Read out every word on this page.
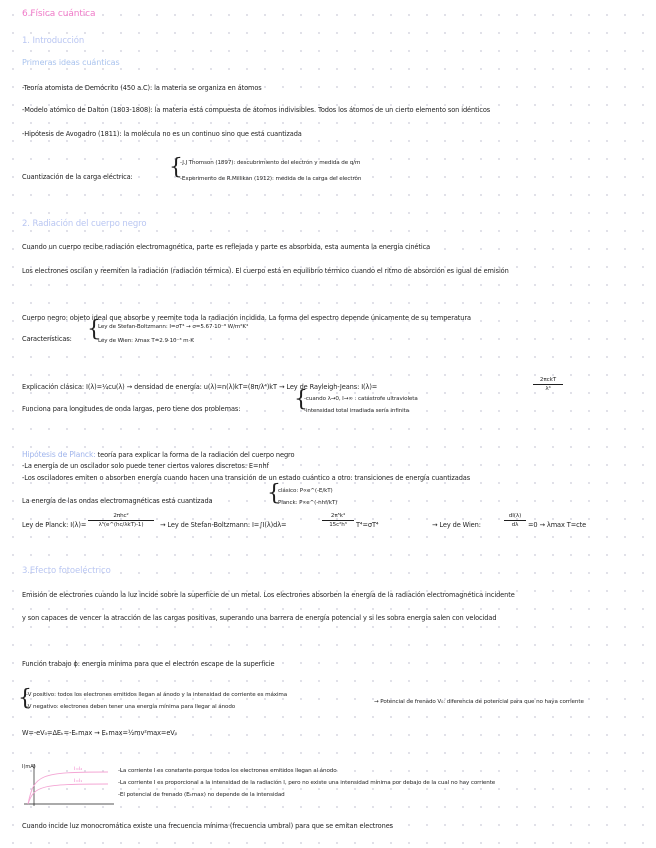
6.Física cuántica
1. Introducción
Primeras ideas cuánticas
-Teoría atomista de Demócrito (450 a.C): la materia se organiza en átomos
-Modelo atómico de Dalton (1803-1808): la materia está compuesta de átomos indivisibles. Todos los átomos de un cierto elemento son idénticos
-Hipótesis de Avogadro (1811): la molécula no es un continuo sino que está cuantizada
Cuantización de la carga eléctrica: {
-J.J Thomson (1897): descubrimiento del electrón y medida de q/m
-Experimento de R.Millikan (1912): medida de la carga del electrón
2. Radiación del cuerpo negro
Cuando un cuerpo recibe radiación electromagnética, parte es reflejada y parte es absorbida, esta aumenta la energía cinética
Los electrones oscilan y reemiten la radiación (radiación térmica). El cuerpo está en equilibrio térmico cuando el ritmo de absorción es igual de emisión
Cuerpo negro: objeto ideal que absorbe y reemite toda la radiación incidida. La forma del espectro depende únicamente de su temperatura
Características: {
Ley de Stefan-Boltzmann: I=σT⁴ → σ=5.67·10⁻⁸ W/m²K⁴
Ley de Wien: λmax T=2.9·10⁻³ m·K
Explicación clásica: I(λ)=¼cu(λ) → densidad de energía: u(λ)=n(λ)kT=(8π/λ⁴)kT → Ley de Rayleigh-Jeans: I(λ)=
2πckT
λ⁴
Funciona para longitudes de onda largas, pero tiene dos problemas: {
-cuando λ→0, I→∞ : catástrofe ultravioleta
-intensidad total irradiada sería infinita
Hipótesis de Planck: teoría para explicar la forma de la radiación del cuerpo negro
-La energía de un oscilador solo puede tener ciertos valores discretos: E=nhf
-Los osciladores emiten o absorben energía cuando hacen una transición de un estado cuántico a otro: transiciones de energía cuantizadas
La energía de las ondas electromagnéticas está cuantizada {
clásico: P∝e^(-E/kT)
Planck: P∝e^(-nhf/kT)
Ley de Planck: I(λ)=
2πhc²
λ⁵(e^(hc/λkT)-1)	→ Ley de Stefan-Boltzmann: I=∫I(λ)dλ=
2π⁵k⁴
15c²h³	T⁴=σT⁴	→ Ley de Wien:
dI(λ)
dλ	=0 → λmax T=cte
3.Efecto fotoeléctrico
Emisión de electrones cuando la luz incide sobre la superficie de un metal. Los electrones absorben la energía de la radiación electromagnética incidente
y son capaces de vencer la atracción de las cargas positivas, superando una barrera de energía potencial y si les sobra energía salen con velocidad
Función trabajo ϕ: energía mínima para que el electrón escape de la superficie
{
-V positivo: todos los electrones emitidos llegan al ánodo y la intensidad de corriente es máxima
-V negativo: electrones deben tener una energía mínima para llegar al ánodo
→ Potencial de frenado V₀: diferencia de potencial para que no haya corriente
W=-eV₀=ΔEₖ=-Eₖmax → Eₖmax=½mv²max=eV₀
I(mA)	I=I₂
I=I₁
-La corriente I es constante porque todos los electrones emitidos llegan al ánodo
-La corriente I es proporcional a la intensidad de la radiación I, pero no existe una intensidad mínima por debajo de la cual no hay corriente
-El potencial de frenado (Eₖmax) no depende de la intensidad
Cuando incide luz monocromática existe una frecuencia mínima (frecuencia umbral) para que se emitan electrones
